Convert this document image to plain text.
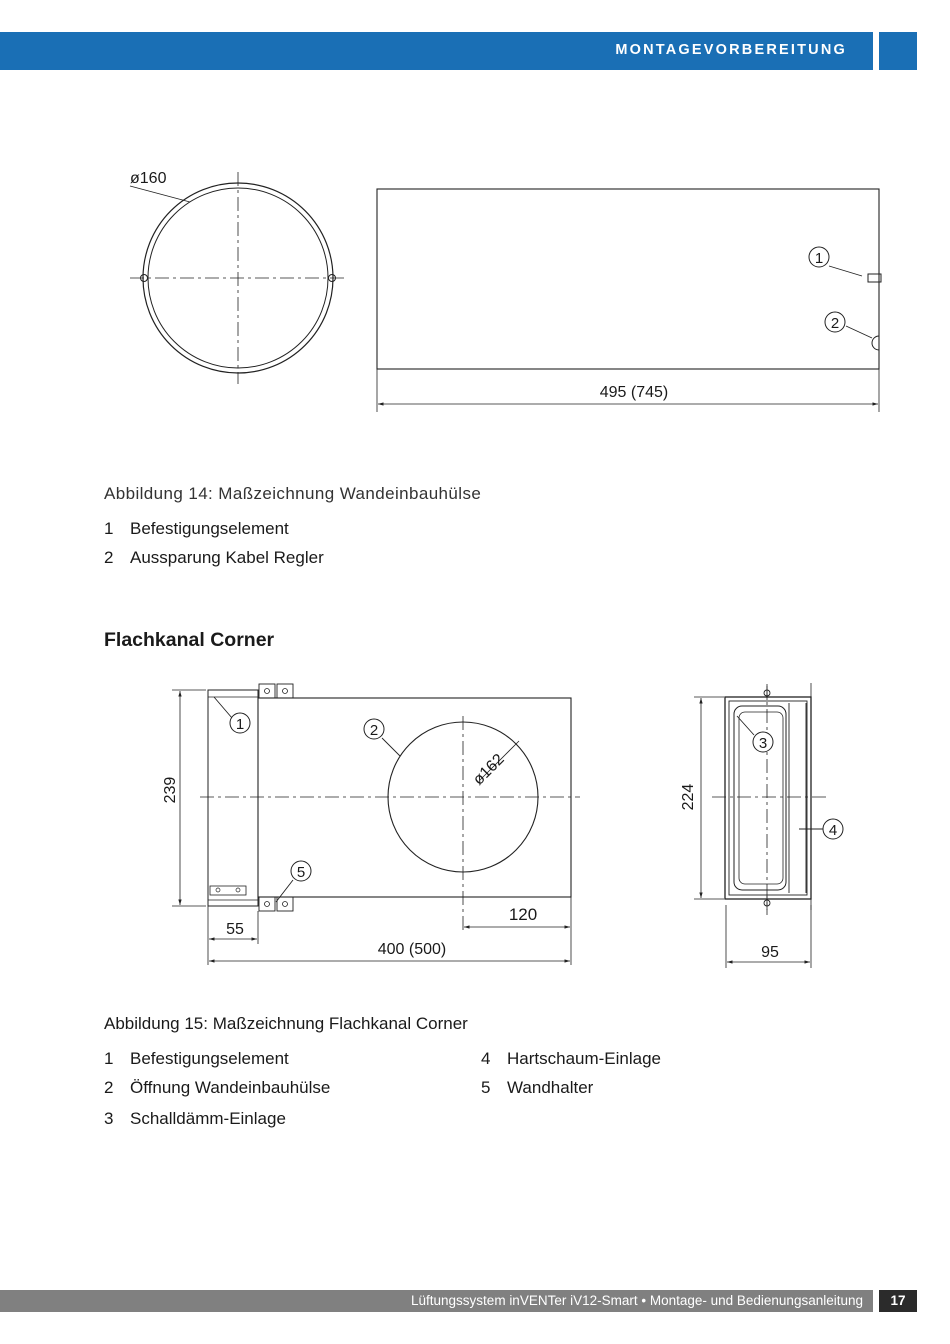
MONTAGEVORBEREITUNG
ø160
1
2
495 (745)
239
ø162
120
55
400 (500)
1	2
5
224
95
3
4
Abbildung 14: Maßzeichnung Wandeinbauhülse
1 Befestigungselement
2 Aussparung Kabel Regler
Flachkanal Corner
Abbildung 15: Maßzeichnung Flachkanal Corner
1 Befestigungselement
2 Öffnung Wandeinbauhülse
3 Schalldämm-Einlage
4 Hartschaum-Einlage
5 Wandhalter
Lüftungssystem inVENTer iV12-Smart • Montage- und Bedienungsanleitung	17
